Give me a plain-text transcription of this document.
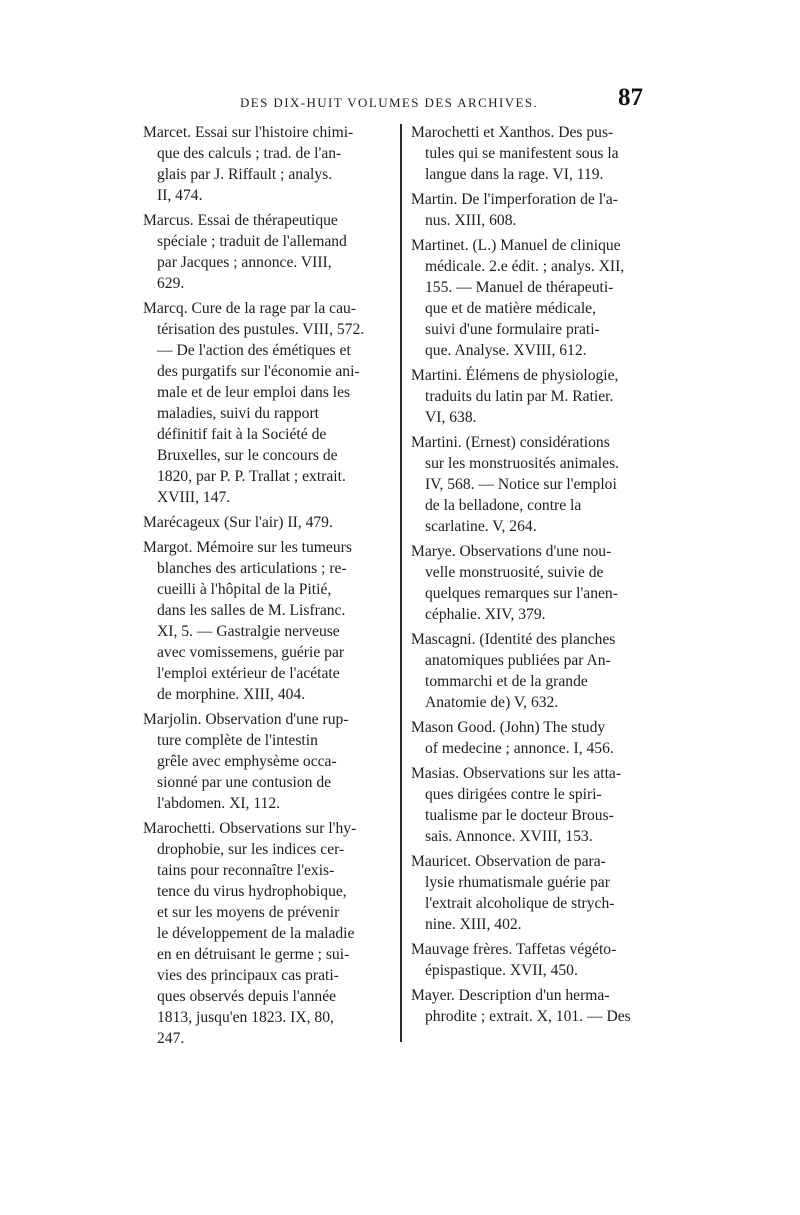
DES DIX-HUIT VOLUMES DES ARCHIVES.	87
Marcet. Essai sur l'histoire chimi-
que des calculs ; trad. de l'an-
glais par J. Riffault ; analys.
II, 474.
Marcus. Essai de thérapeutique
spéciale ; traduit de l'allemand
par Jacques ; annonce. VIII,
629.
Marcq. Cure de la rage par la cau-
térisation des pustules. VIII, 572.
— De l'action des émétiques et
des purgatifs sur l'économie ani-
male et de leur emploi dans les
maladies, suivi du rapport
définitif fait à la Société de
Bruxelles, sur le concours de
1820, par P. P. Trallat ; extrait.
XVIII, 147.
Marécageux (Sur l'air) II, 479.
Margot. Mémoire sur les tumeurs
blanches des articulations ; re-
cueilli à l'hôpital de la Pitié,
dans les salles de M. Lisfranc.
XI, 5. — Gastralgie nerveuse
avec vomissemens, guérie par
l'emploi extérieur de l'acétate
de morphine. XIII, 404.
Marjolin. Observation d'une rup-
ture complète de l'intestin
grêle avec emphysème occa-
sionné par une contusion de
l'abdomen. XI, 112.
Marochetti. Observations sur l'hy-
drophobie, sur les indices cer-
tains pour reconnaître l'exis-
tence du virus hydrophobique,
et sur les moyens de prévenir
le développement de la maladie
en en détruisant le germe ; sui-
vies des principaux cas prati-
ques observés depuis l'année
1813, jusqu'en 1823. IX, 80,
247.
Marochetti et Xanthos. Des pus-
tules qui se manifestent sous la
langue dans la rage. VI, 119.
Martin. De l'imperforation de l'a-
nus. XIII, 608.
Martinet. (L.) Manuel de clinique
médicale. 2.e édit. ; analys. XII,
155. — Manuel de thérapeuti-
que et de matière médicale,
suivi d'une formulaire prati-
que. Analyse. XVIII, 612.
Martini. Élémens de physiologie,
traduits du latin par M. Ratier.
VI, 638.
Martini. (Ernest) considérations
sur les monstruosités animales.
IV, 568. — Notice sur l'emploi
de la belladone, contre la
scarlatine. V, 264.
Marye. Observations d'une nou-
velle monstruosité, suivie de
quelques remarques sur l'anen-
céphalie. XIV, 379.
Mascagni. (Identité des planches
anatomiques publiées par An-
tommarchi et de la grande
Anatomie de) V, 632.
Mason Good. (John) The study
of medecine ; annonce. I, 456.
Masias. Observations sur les atta-
ques dirigées contre le spiri-
tualisme par le docteur Brous-
sais. Annonce. XVIII, 153.
Mauricet. Observation de para-
lysie rhumatismale guérie par
l'extrait alcoholique de strych-
nine. XIII, 402.
Mauvage frères. Taffetas végéto-
épispastique. XVII, 450.
Mayer. Description d'un herma-
phrodite ; extrait. X, 101. — Des
